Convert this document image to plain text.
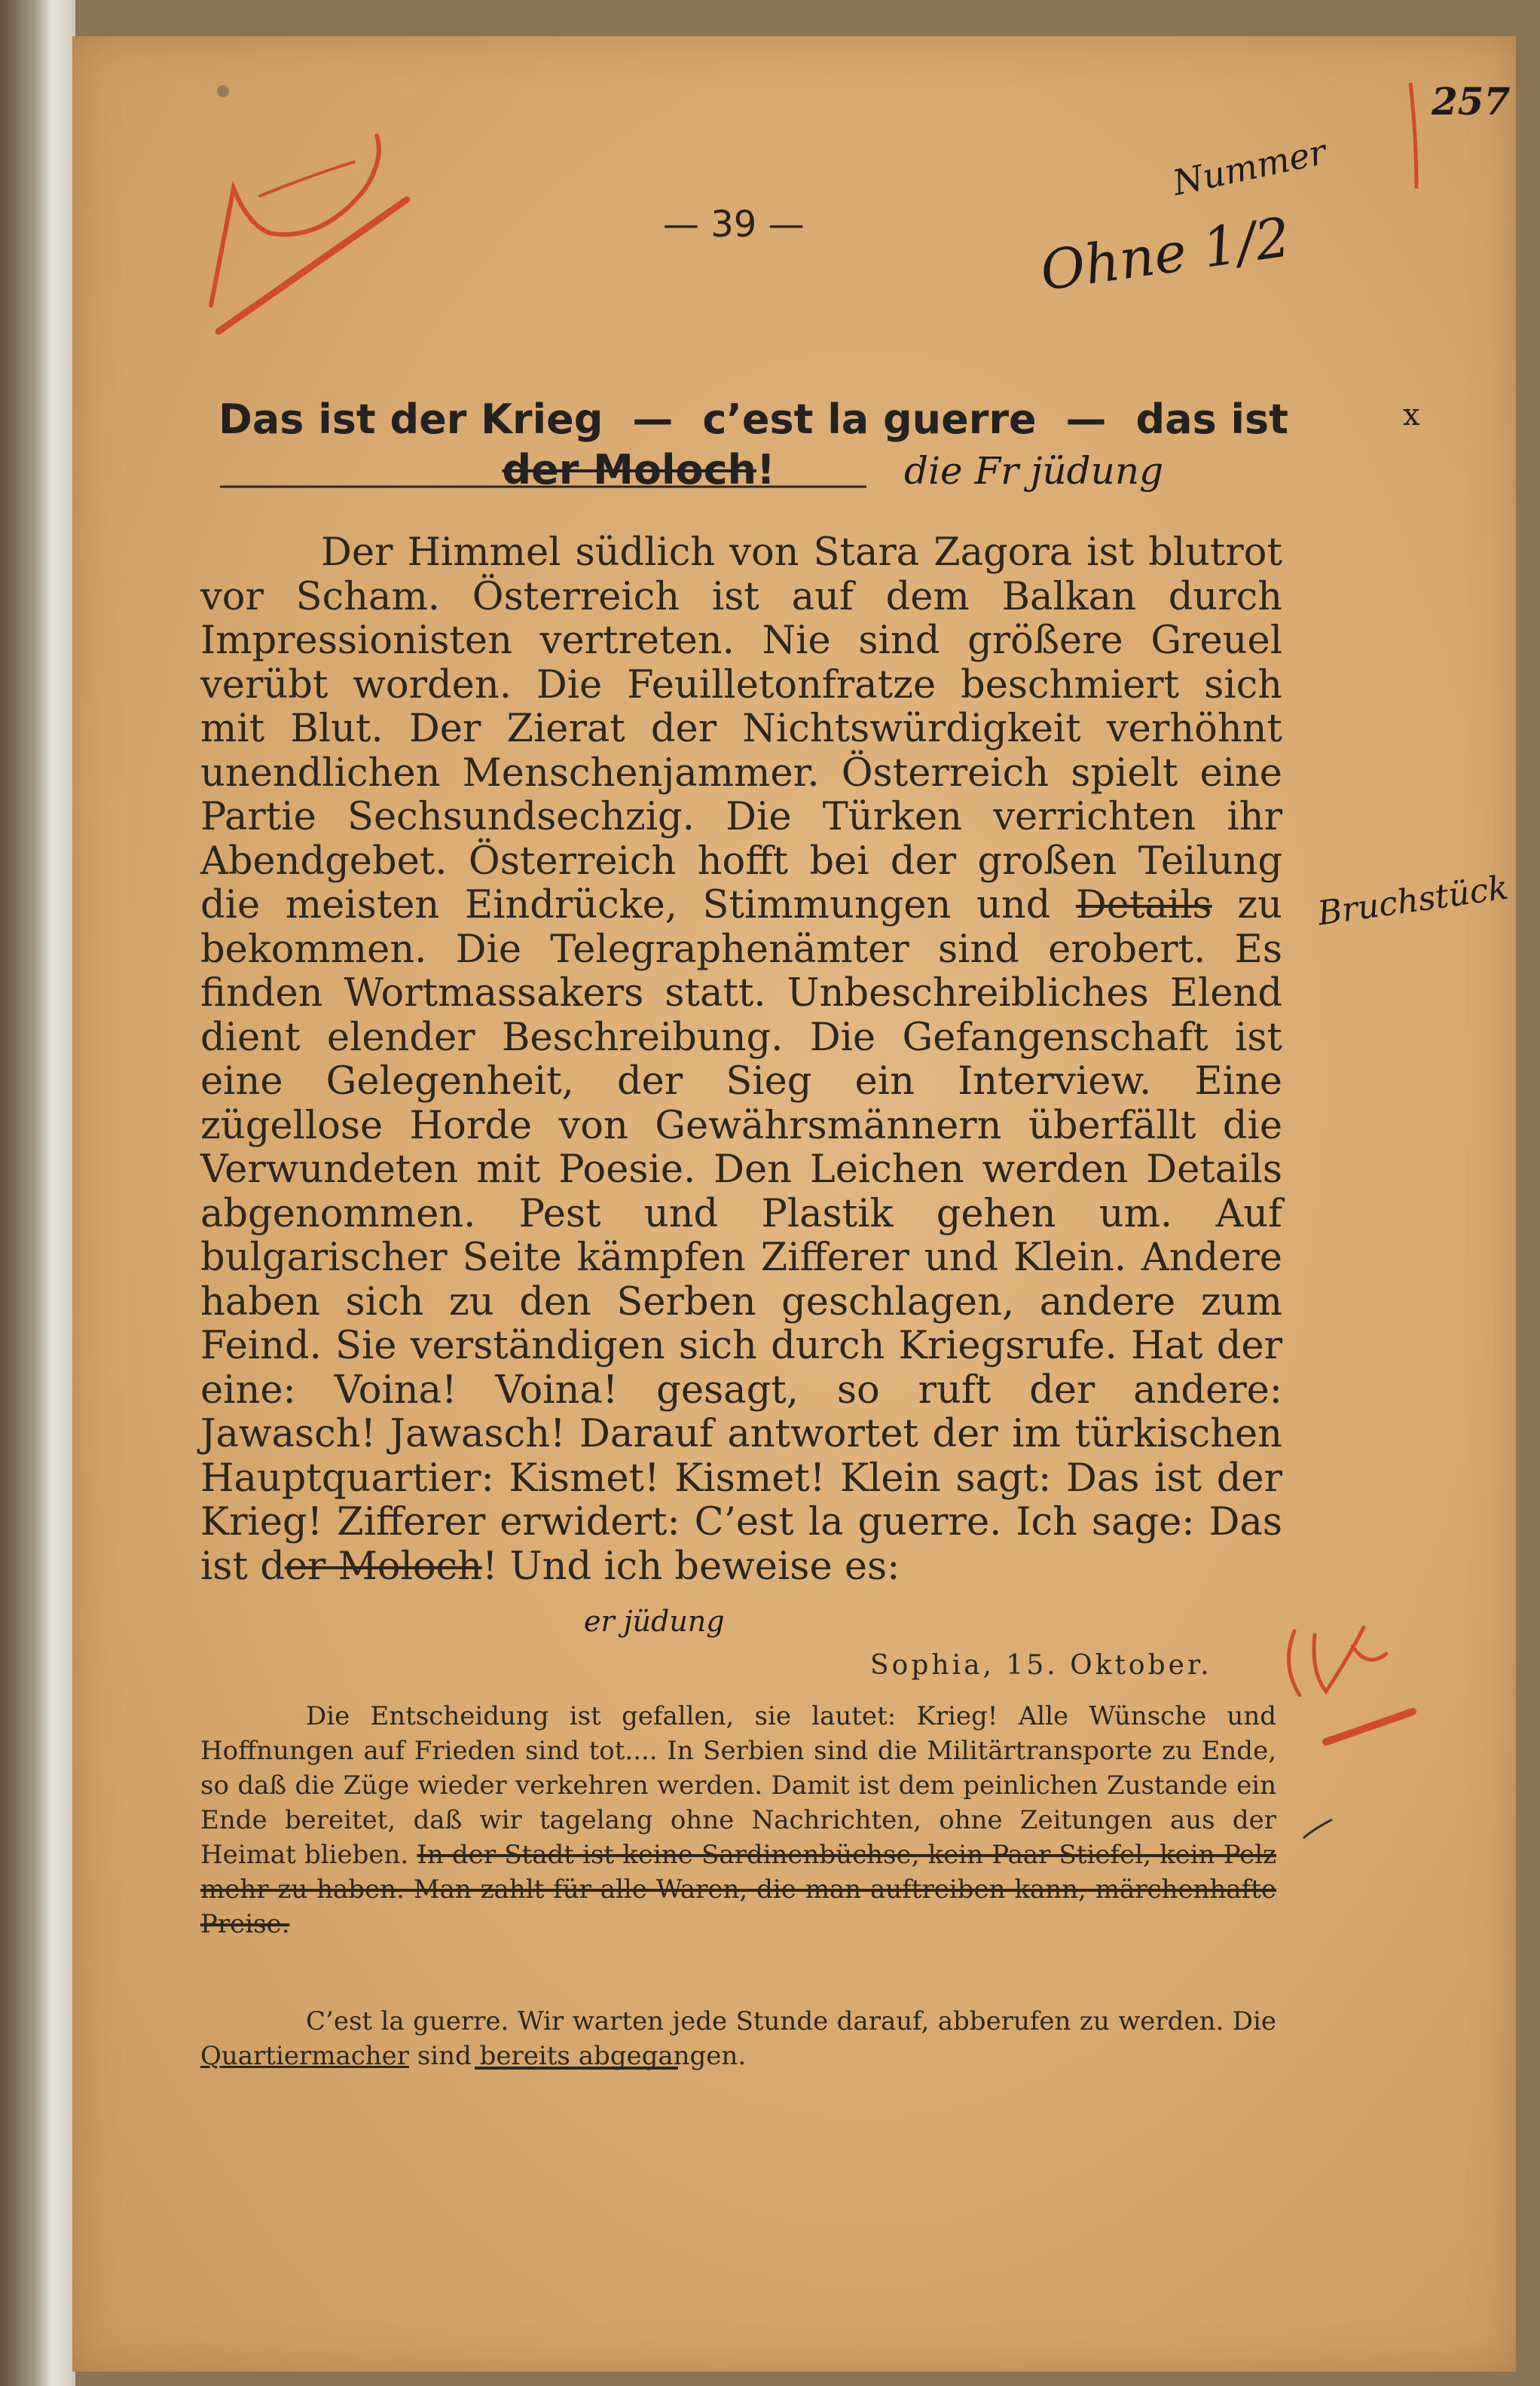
— 39 —
Das ist der Krieg — c’est la guerre — das ist
der Moloch!

Der Himmel südlich von Stara Zagora ist blutrot vor Scham. Österreich ist auf dem Balkan durch Impressionisten vertreten. Nie sind größere Greuel verübt worden. Die Feuilletonfratze beschmiert sich mit Blut. Der Zierat der Nichtswürdigkeit verhöhnt unendlichen Menschenjammer. Österreich spielt eine Partie Sechsundsechzig. Die Türken verrichten ihr Abendgebet. Österreich hofft bei der großen Teilung die meisten Eindrücke, Stimmungen und Details zu bekommen. Die Telegraphenämter sind erobert. Es finden Wortmassakers statt. Unbeschreibliches Elend dient elender Beschreibung. Die Gefangenschaft ist eine Gelegenheit, der Sieg ein Interview. Eine zügellose Horde von Gewährsmännern überfällt die Verwundeten mit Poesie. Den Leichen werden Details abgenommen. Pest und Plastik gehen um. Auf bulgarischer Seite kämpfen Zifferer und Klein. Andere haben sich zu den Serben geschlagen, andere zum Feind. Sie verständigen sich durch Kriegsrufe. Hat der eine: Voina! Voina! gesagt, so ruft der andere: Jawasch! Jawasch! Darauf antwortet der im türkischen Hauptquartier: Kismet! Kismet! Klein sagt: Das ist der Krieg! Zifferer erwidert: C’est la guerre. Ich sage: Das ist der Moloch! Und ich beweise es:

Sophia, 15. Oktober.

Die Entscheidung ist gefallen, sie lautet: Krieg! Alle Wünsche und Hoffnungen auf Frieden sind tot.... In Serbien sind die Militärtransporte zu Ende, so daß die Züge wieder verkehren werden. Damit ist dem peinlichen Zustande ein Ende bereitet, daß wir tagelang ohne Nachrichten, ohne Zeitungen aus der Heimat blieben. In der Stadt ist keine Sardinenbüchse, kein Paar Stiefel, kein Pelz mehr zu haben. Man zahlt für alle Waren, die man auftreiben kann, märchenhafte Preise.

C’est la guerre. Wir warten jede Stunde darauf, abberufen zu werden. Die Quartiermacher sind bereits abgegangen.

257
Nummer
Ohne 1/2
die Fr jüdung
Bruchstück
er jüdung
x
